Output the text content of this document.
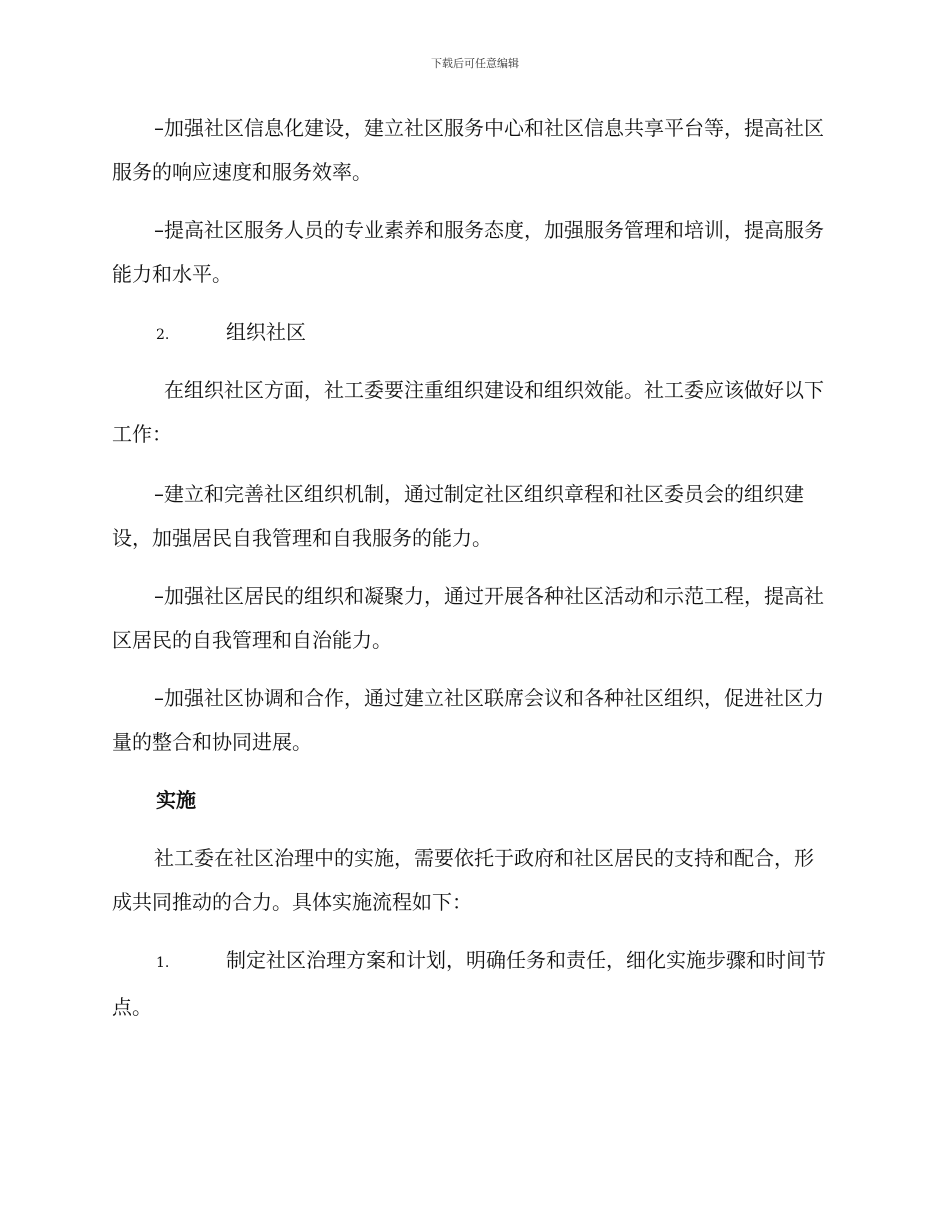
下载后可任意编辑

–加强社区信息化建设，建立社区服务中心和社区信息共享平台等，提高社区服务的响应速度和服务效率。

–提高社区服务人员的专业素养和服务态度，加强服务管理和培训，提高服务能力和水平。

2.	组织社区

在组织社区方面，社工委要注重组织建设和组织效能。社工委应该做好以下工作：

–建立和完善社区组织机制，通过制定社区组织章程和社区委员会的组织建设，加强居民自我管理和自我服务的能力。

–加强社区居民的组织和凝聚力，通过开展各种社区活动和示范工程，提高社区居民的自我管理和自治能力。

–加强社区协调和合作，通过建立社区联席会议和各种社区组织，促进社区力量的整合和协同进展。

实施

社工委在社区治理中的实施，需要依托于政府和社区居民的支持和配合，形成共同推动的合力。具体实施流程如下：

1.	制定社区治理方案和计划，明确任务和责任，细化实施步骤和时间节点。
